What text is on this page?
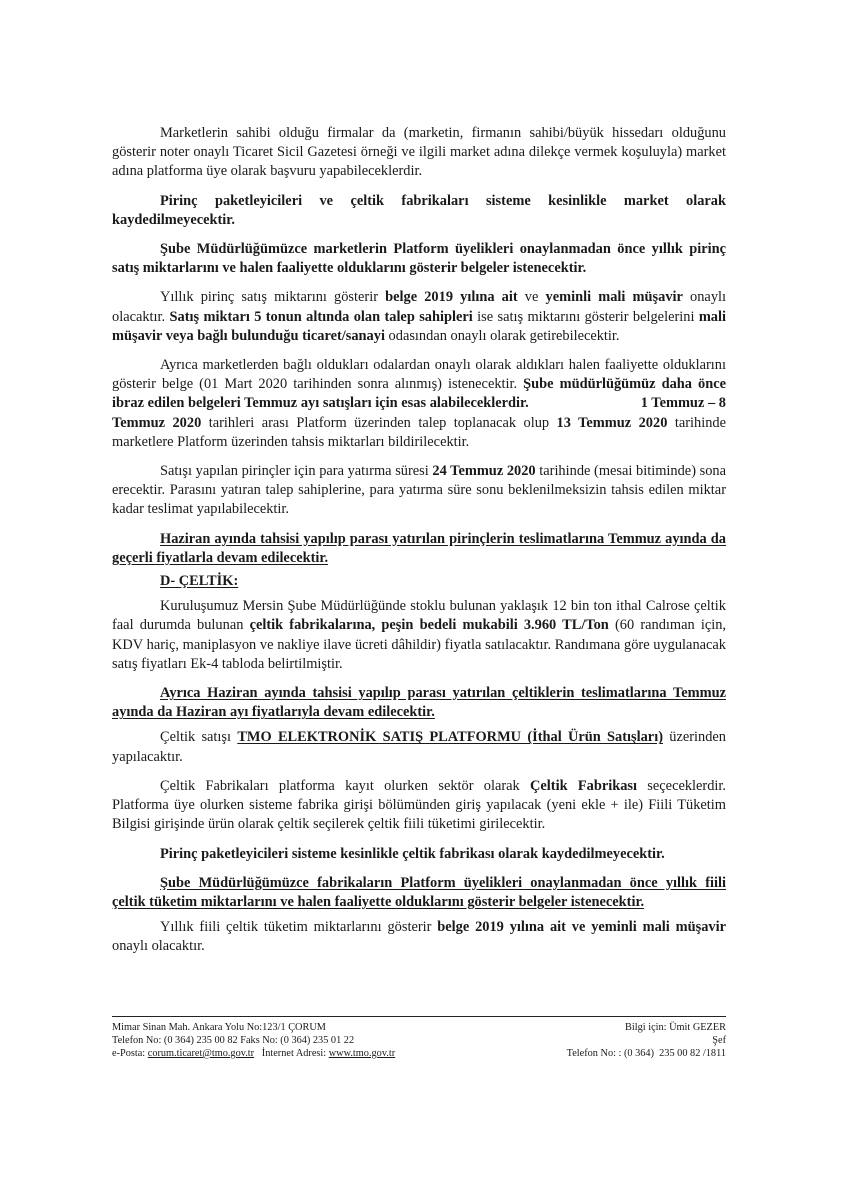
Marketlerin sahibi olduğu firmalar da (marketin, firmanın sahibi/büyük hissedarı olduğunu gösterir noter onaylı Ticaret Sicil Gazetesi örneği ve ilgili market adına dilekçe vermek koşuluyla) market adına platforma üye olarak başvuru yapabileceklerdir.

Pirinç paketleyicileri ve çeltik fabrikaları sisteme kesinlikle market olarak kaydedilmeyecektir.

Şube Müdürlüğümüzce marketlerin Platform üyelikleri onaylanmadan önce yıllık pirinç satış miktarlarını ve halen faaliyette olduklarını gösterir belgeler istenecektir.

Yıllık pirinç satış miktarını gösterir belge 2019 yılına ait ve yeminli mali müşavir onaylı olacaktır. Satış miktarı 5 tonun altında olan talep sahipleri ise satış miktarını gösterir belgelerini mali müşavir veya bağlı bulunduğu ticaret/sanayi odasından onaylı olarak getirebilecektir.

Ayrıca marketlerden bağlı oldukları odalardan onaylı olarak aldıkları halen faaliyette olduklarını gösterir belge (01 Mart 2020 tarihinden sonra alınmış) istenecektir. Şube müdürlüğümüz daha önce ibraz edilen belgeleri Temmuz ayı satışları için esas alabileceklerdir.	1 Temmuz – 8 Temmuz 2020 tarihleri arası Platform üzerinden talep toplanacak olup 13 Temmuz 2020 tarihinde marketlere Platform üzerinden tahsis miktarları bildirilecektir.

Satışı yapılan pirinçler için para yatırma süresi 24 Temmuz 2020 tarihinde (mesai bitiminde) sona erecektir. Parasını yatıran talep sahiplerine, para yatırma süre sonu beklenilmeksizin tahsis edilen miktar kadar teslimat yapılabilecektir.

Haziran ayında tahsisi yapılıp parası yatırılan pirinçlerin teslimatlarına Temmuz ayında da geçerli fiyatlarla devam edilecektir.

D- ÇELTİK:

Kuruluşumuz Mersin Şube Müdürlüğünde stoklu bulunan yaklaşık 12 bin ton ithal Calrose çeltik faal durumda bulunan çeltik fabrikalarına, peşin bedeli mukabili 3.960 TL/Ton (60 randıman için, KDV hariç, maniplasyon ve nakliye ilave ücreti dâhildir) fiyatla satılacaktır. Randımana göre uygulanacak satış fiyatları Ek-4 tabloda belirtilmiştir.

Ayrıca Haziran ayında tahsisi yapılıp parası yatırılan çeltiklerin teslimatlarına Temmuz ayında da Haziran ayı fiyatlarıyla devam edilecektir.

Çeltik satışı TMO ELEKTRONİK SATIŞ PLATFORMU (İthal Ürün Satışları) üzerinden yapılacaktır.

Çeltik Fabrikaları platforma kayıt olurken sektör olarak Çeltik Fabrikası seçeceklerdir. Platforma üye olurken sisteme fabrika girişi bölümünden giriş yapılacak (yeni ekle + ile) Fiili Tüketim Bilgisi girişinde ürün olarak çeltik seçilerek çeltik fiili tüketimi girilecektir.

Pirinç paketleyicileri sisteme kesinlikle çeltik fabrikası olarak kaydedilmeyecektir.

Şube Müdürlüğümüzce fabrikaların Platform üyelikleri onaylanmadan önce yıllık fiili çeltik tüketim miktarlarını ve halen faaliyette olduklarını gösterir belgeler istenecektir.

Yıllık fiili çeltik tüketim miktarlarını gösterir belge 2019 yılına ait ve yeminli mali müşavir onaylı olacaktır.

Mimar Sinan Mah. Ankara Yolu No:123/1 ÇORUM	Bilgi için: Ümit GEZER
Telefon No: (0 364) 235 00 82 Faks No: (0 364) 235 01 22	Şef
e-Posta: corum.ticaret@tmo.gov.tr   İnternet Adresi: www.tmo.gov.tr	Telefon No: : (0 364)  235 00 82 /1811
